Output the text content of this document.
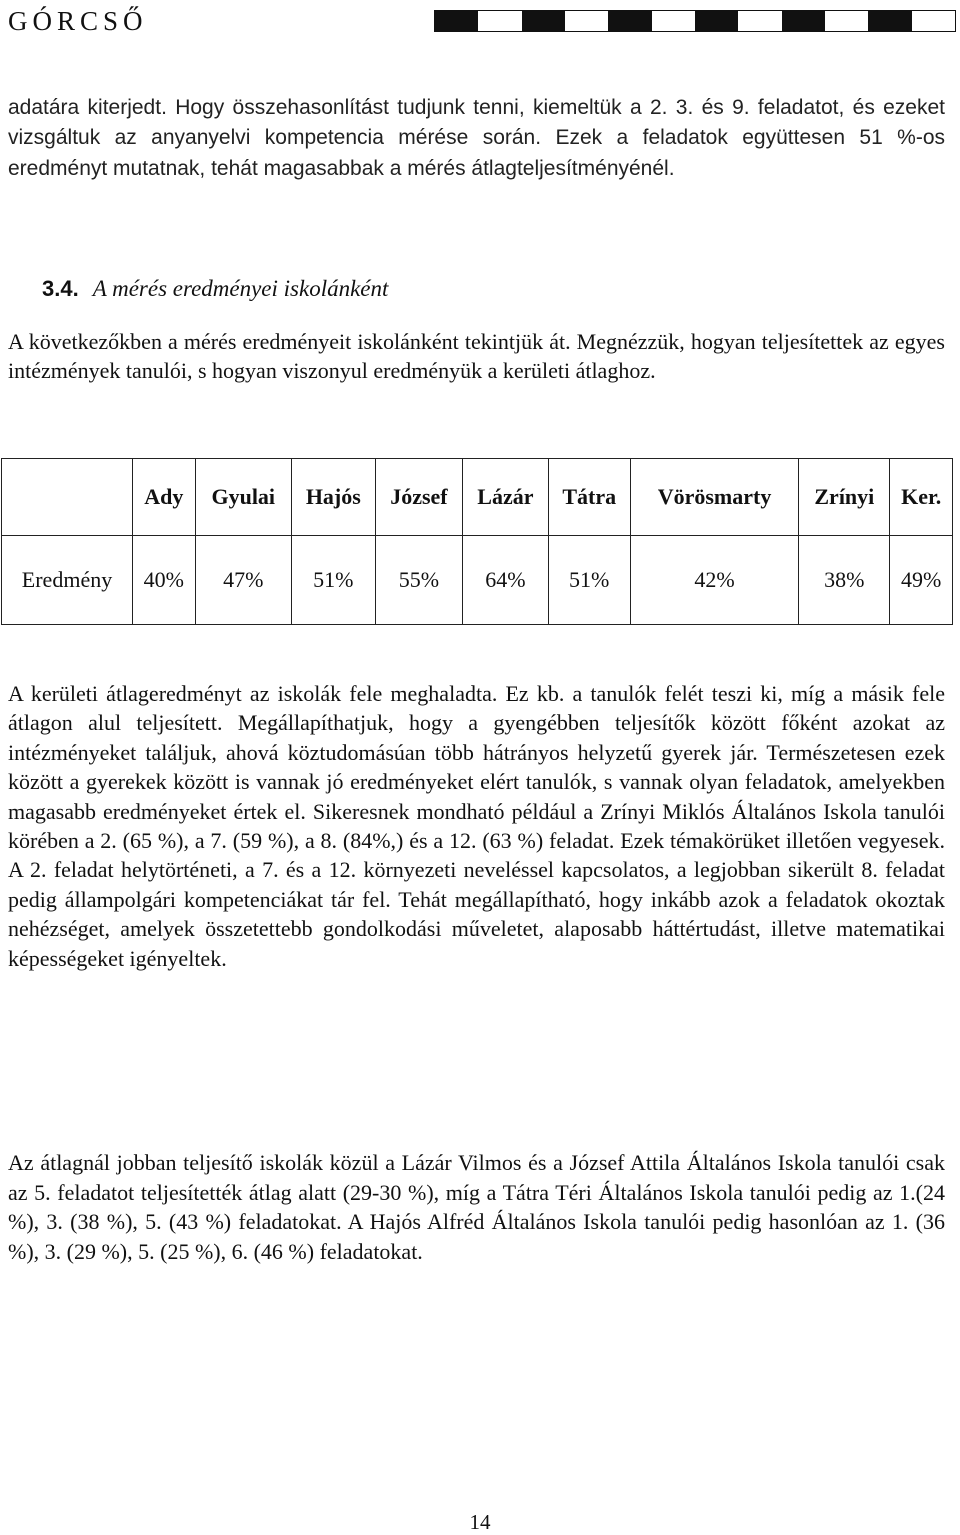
GÓRCSŐ

adatára kiterjedt. Hogy összehasonlítást tudjunk tenni, kiemeltük a 2. 3. és 9. feladatot, és ezeket vizsgáltuk az anyanyelvi kompetencia mérése során. Ezek a feladatok együttesen 51 %-os eredményt mutatnak, tehát magasabbak a mérés átlagteljesítményénél.

3.4. A mérés eredményei iskolánként

A következőkben a mérés eredményeit iskolánként tekintjük át. Megnézzük, hogyan teljesítettek az egyes intézmények tanulói, s hogyan viszonyul eredményük a kerületi átlaghoz.

	Ady	Gyulai	Hajós	József	Lázár	Tátra	Vörösmarty	Zrínyi	Ker.
Eredmény	40%	47%	51%	55%	64%	51%	42%	38%	49%

A kerületi átlageredményt az iskolák fele meghaladta. Ez kb. a tanulók felét teszi ki, míg a másik fele átlagon alul teljesített. Megállapíthatjuk, hogy a gyengébben teljesítők között főként azokat az intézményeket találjuk, ahová köztudomásúan több hátrányos helyzetű gyerek jár. Természetesen ezek között a gyerekek között is vannak jó eredményeket elért tanulók, s vannak olyan feladatok, amelyekben magasabb eredményeket értek el. Sikeresnek mondható például a Zrínyi Miklós Általános Iskola tanulói körében a 2. (65 %), a 7. (59 %), a 8. (84%,) és a 12. (63 %) feladat. Ezek témakörüket illetően vegyesek. A 2. feladat helytörténeti, a 7. és a 12. környezeti neveléssel kapcsolatos, a legjobban sikerült 8. feladat pedig állampolgári kompetenciákat tár fel. Tehát megállapítható, hogy inkább azok a feladatok okoztak nehézséget, amelyek összetettebb gondolkodási műveletet, alaposabb háttértudást, illetve matematikai képességeket igényeltek.

Az átlagnál jobban teljesítő iskolák közül a Lázár Vilmos és a József Attila Általános Iskola tanulói csak az 5. feladatot teljesítették átlag alatt (29-30 %), míg a Tátra Téri Általános Iskola tanulói pedig az 1.(24 %), 3. (38 %), 5. (43 %) feladatokat. A Hajós Alfréd Általános Iskola tanulói pedig hasonlóan az 1. (36 %), 3. (29 %), 5. (25 %), 6. (46 %) feladatokat.

14
